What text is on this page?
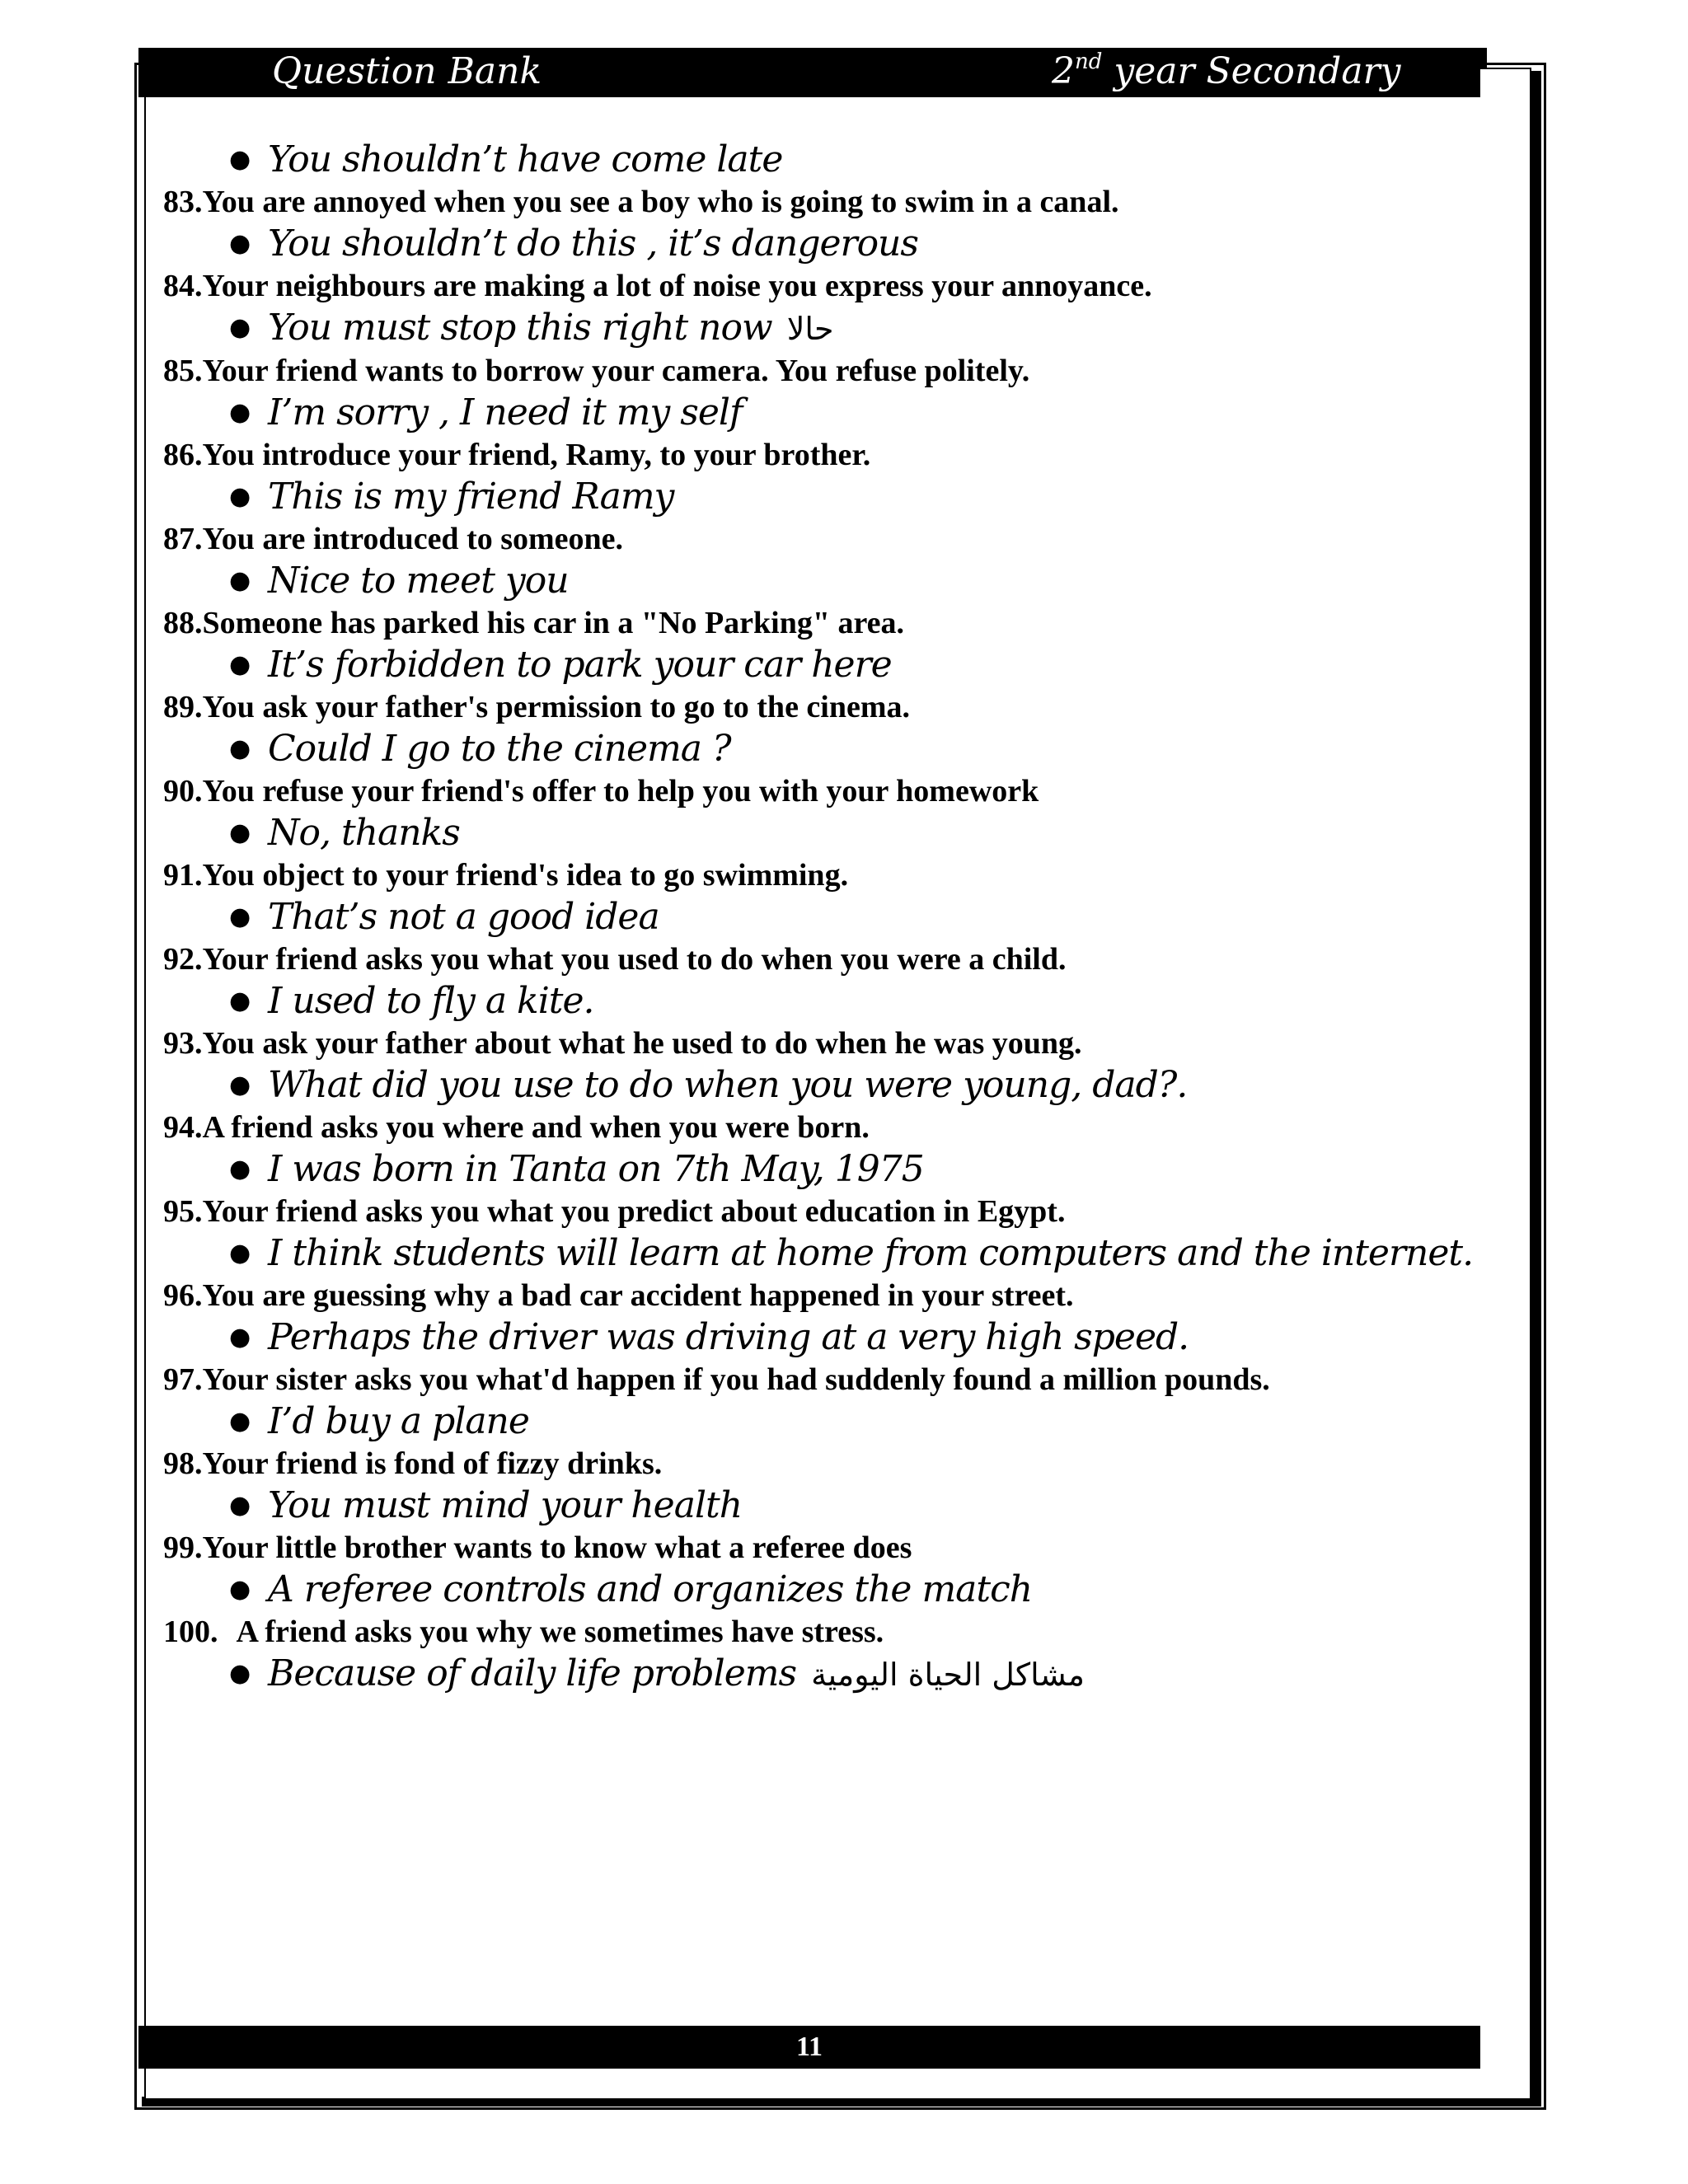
Question Bank	2nd year Secondary

● You shouldn’t have come late

83.You are annoyed when you see a boy who is going to swim in a canal.

● You shouldn’t do this , it’s dangerous

84.Your neighbours are making a lot of noise you express your annoyance.

● You must stop this right now حالا

85.Your friend wants to borrow your camera. You refuse politely.

● I’m sorry , I need it my self

86.You introduce your friend, Ramy, to your brother.

● This is my friend Ramy

87.You are introduced to someone.

● Nice to meet you

88.Someone has parked his car in a "No Parking" area.

● It’s forbidden to park your car here

89.You ask your father's permission to go to the cinema.

● Could I go to the cinema ?

90.You refuse your friend's offer to help you with your homework

● No, thanks

91.You object to your friend's idea to go swimming.

● That’s not a good idea

92.Your friend asks you what you used to do when you were a child.

● I used to fly a kite.

93.You ask your father about what he used to do when he was young.

● What did you use to do when you were young, dad?.

94.A friend asks you where and when you were born.

● I was born in Tanta on 7th May, 1975

95.Your friend asks you what you predict about education in Egypt.

● I think students will learn at home from computers and the internet.

96.You are guessing why a bad car accident happened in your street.

● Perhaps the driver was driving at a very high speed.

97.Your sister asks you what'd happen if you had suddenly found a million pounds.

● I’d buy a plane

98.Your friend is fond of fizzy drinks.

● You must mind your health

99.Your little brother wants to know what a referee does

● A referee controls and organizes the match

100. A friend asks you why we sometimes have stress.

● Because of daily life problems مشاكل الحياة اليومية

11
